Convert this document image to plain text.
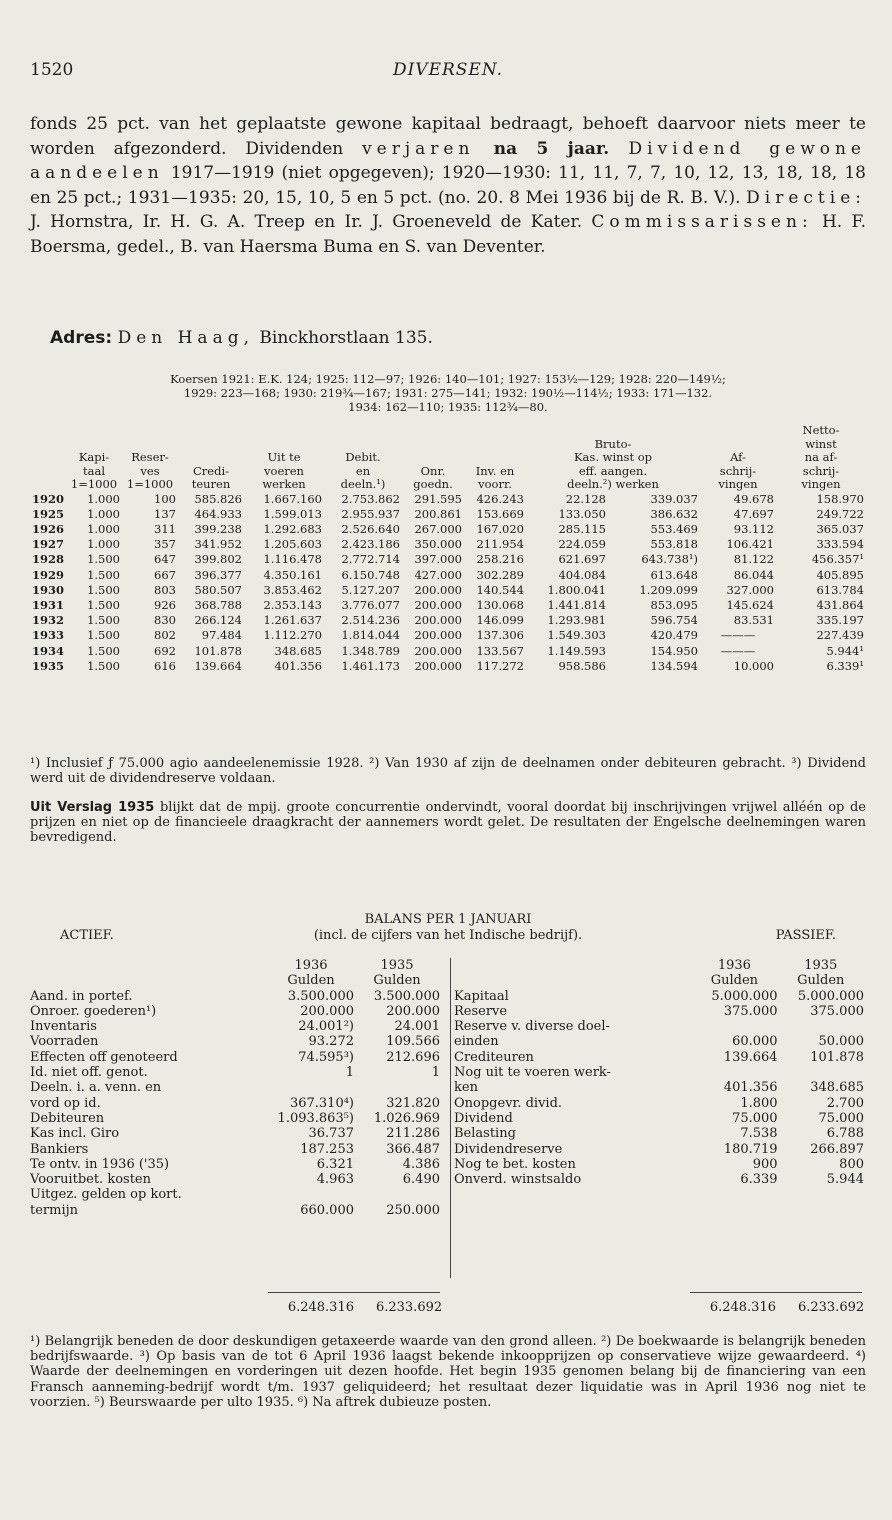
1520	DIVERSEN.
fonds 25 pct. van het geplaatste gewone kapitaal bedraagt, behoeft daarvoor niets meer te worden afgezonderd. Dividenden verjaren na 5 jaar. Dividend gewone aandeelen 1917—1919 (niet opgegeven); 1920—1930: 11, 11, 7, 7, 10, 12, 13, 18, 18, 18 en 25 pct.; 1931—1935: 20, 15, 10, 5 en 5 pct. (no. 20. 8 Mei 1936 bij de R. B. V.). Directie: J. Hornstra, Ir. H. G. A. Treep en Ir. J. Groeneveld de Kater. Commissarissen: H. F. Boersma, gedel., B. van Haersma Buma en S. van Deventer.
Adres: Den Haag, Binckhorstlaan 135.
Koersen 1921: E.K. 124; 1925: 112—97; 1926: 140—101; 1927: 153½—129; 1928: 220—149½;
1929: 223—168; 1930: 219¾—167; 1931: 275—141; 1932: 190½—114½; 1933: 171—132.
1934: 162—110; 1935: 112¾—80.
											Netto-
								Bruto-			winst
	Kapi-	Reser-		Uit te	Debit.			Kas. winst op		Af-	na af-
	taal	ves	Credi-	voeren	en	Onr.	Inv. en	eff. aangen.		schrij-	schrij-
	1=1000	1=1000	teuren	werken	deeln.¹)	goedn.	voorr.	deeln.²) werken		vingen	vingen
1920	1.000	100	585.826	1.667.160	2.753.862	291.595	426.243	22.128	339.037	49.678	158.970
1925	1.000	137	464.933	1.599.013	2.955.937	200.861	153.669	133.050	386.632	47.697	249.722
1926	1.000	311	399.238	1.292.683	2.526.640	267.000	167.020	285.115	553.469	93.112	365.037
1927	1.000	357	341.952	1.205.603	2.423.186	350.000	211.954	224.059	553.818	106.421	333.594
1928	1.500	647	399.802	1.116.478	2.772.714	397.000	258.216	621.697	643.738¹)	81.122	456.357¹
1929	1.500	667	396.377	4.350.161	6.150.748	427.000	302.289	404.084	613.648	86.044	405.895
1930	1.500	803	580.507	3.853.462	5.127.207	200.000	140.544	1.800.041	1.209.099	327.000	613.784
1931	1.500	926	368.788	2.353.143	3.776.077	200.000	130.068	1.441.814	853.095	145.624	431.864
1932	1.500	830	266.124	1.261.637	2.514.236	200.000	146.099	1.293.981	596.754	83.531	335.197
1933	1.500	802	97.484	1.112.270	1.814.044	200.000	137.306	1.549.303	420.479	———	227.439
1934	1.500	692	101.878	348.685	1.348.789	200.000	133.567	1.149.593	154.950	———	5.944¹
1935	1.500	616	139.664	401.356	1.461.173	200.000	117.272	958.586	134.594	10.000	6.339¹
¹) Inclusief ƒ 75.000 agio aandeelenemissie 1928. ²) Van 1930 af zijn de deelnamen onder debiteuren gebracht. ³) Dividend werd uit de dividendreserve voldaan.
Uit Verslag 1935 blijkt dat de mpij. groote concurrentie ondervindt, vooral doordat bij inschrijvingen vrijwel alléén op de prijzen en niet op de financieele draagkracht der aannemers wordt gelet. De resultaten der Engelsche deelnemingen waren bevredigend.
BALANS PER 1 JANUARI
ACTIEF.	(incl. de cijfers van het Indische bedrijf).	PASSIEF.
	1936	1935
	Gulden	Gulden
Aand. in portef.	3.500.000	3.500.000
Onroer. goederen¹)	200.000	200.000
Inventaris	24.001²)	24.001
Voorraden	93.272	109.566
Effecten off genoteerd	74.595³)	212.696
Id. niet off. genot.	1	1
Deeln. i. a. venn. en		
vord op id.	367.310⁴)	321.820
Debiteuren	1.093.863⁵)	1.026.969
Kas incl. Giro	36.737	211.286
Bankiers	187.253	366.487
Te ontv. in 1936 ('35)	6.321	4.386
Vooruitbet. kosten	4.963	6.490
Uitgez. gelden op kort.		
termijn	660.000	250.000
	1936	1935
	Gulden	Gulden
Kapitaal	5.000.000	5.000.000
Reserve	375.000	375.000
Reserve v. diverse doel-		
einden	60.000	50.000
Crediteuren	139.664	101.878
Nog uit te voeren werk-		
ken	401.356	348.685
Onopgevr. divid.	1.800	2.700
Dividend	75.000	75.000
Belasting	7.538	6.788
Dividendreserve	180.719	266.897
Nog te bet. kosten	900	800
Onverd. winstsaldo	6.339	5.944
6.248.316 6.233.692	6.248.316 6.233.692
¹) Belangrijk beneden de door deskundigen getaxeerde waarde van den grond alleen. ²) De boekwaarde is belangrijk beneden bedrijfswaarde. ³) Op basis van de tot 6 April 1936 laagst bekende inkoopprijzen op conservatieve wijze gewaardeerd. ⁴) Waarde der deelnemingen en vorderingen uit dezen hoofde. Het begin 1935 genomen belang bij de financiering van een Fransch aanneming-bedrijf wordt t/m. 1937 geliquideerd; het resultaat dezer liquidatie was in April 1936 nog niet te voorzien. ⁵) Beurswaarde per ulto 1935. ⁶) Na aftrek dubieuze posten.
